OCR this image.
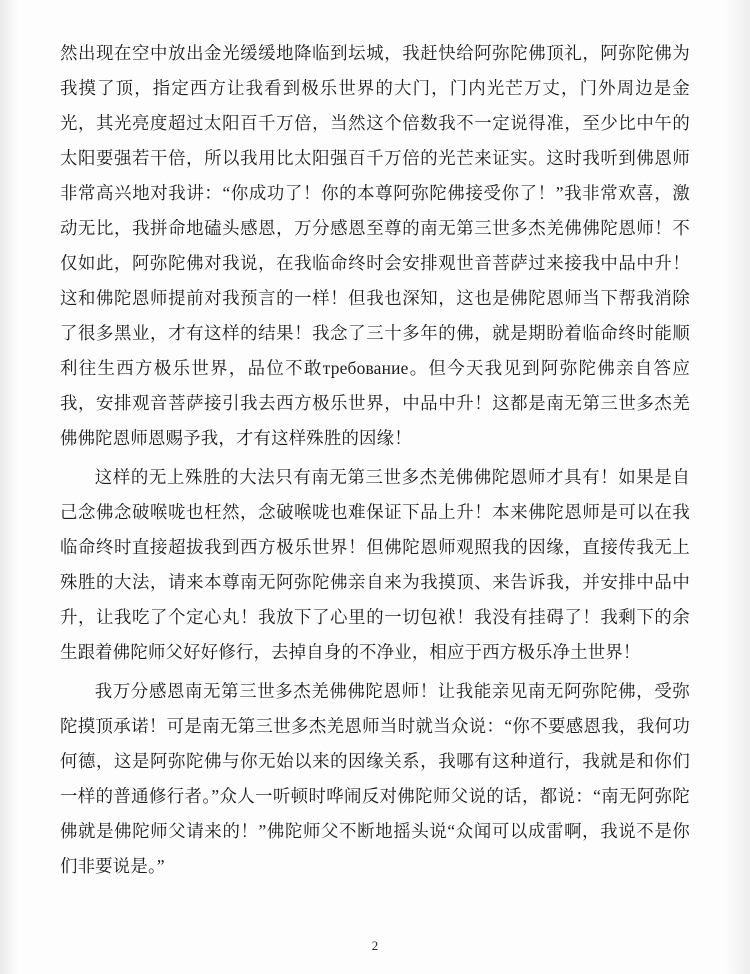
然出现在空中放出金光缓缓地降临到坛城，我赶快给阿弥陀佛顶礼，阿弥陀佛为我摸了顶，指定西方让我看到极乐世界的大门，门内光芒万丈，门外周边是金光，其光亮度超过太阳百千万倍，当然这个倍数我不一定说得准，至少比中午的太阳要强若干倍，所以我用比太阳强百千万倍的光芒来证实。这时我听到佛恩师非常高兴地对我讲：“你成功了！你的本尊阿弥陀佛接受你了！”我非常欢喜，激动无比，我拼命地磕头感恩，万分感恩至尊的南无第三世多杰羌佛佛陀恩师！不仅如此，阿弥陀佛对我说，在我临命终时会安排观世音菩萨过来接我中品中升！这和佛陀恩师提前对我预言的一样！但我也深知，这也是佛陀恩师当下帮我消除了很多黑业，才有这样的结果！我念了三十多年的佛，就是期盼着临命终时能顺利往生西方极乐世界，品位不敢требование。但今天我见到阿弥陀佛亲自答应我，安排观音菩萨接引我去西方极乐世界，中品中升！这都是南无第三世多杰羌佛佛陀恩师恩赐予我，才有这样殊胜的因缘！

这样的无上殊胜的大法只有南无第三世多杰羌佛佛陀恩师才具有！如果是自己念佛念破喉咙也枉然，念破喉咙也难保证下品上升！本来佛陀恩师是可以在我临命终时直接超拔我到西方极乐世界！但佛陀恩师观照我的因缘，直接传我无上殊胜的大法，请来本尊南无阿弥陀佛亲自来为我摸顶、来告诉我，并安排中品中升，让我吃了个定心丸！我放下了心里的一切包袱！我没有挂碍了！我剩下的余生跟着佛陀师父好好修行，去掉自身的不净业，相应于西方极乐净土世界！

我万分感恩南无第三世多杰羌佛佛陀恩师！让我能亲见南无阿弥陀佛，受弥陀摸顶承诺！可是南无第三世多杰羌恩师当时就当众说：“你不要感恩我，我何功何德，这是阿弥陀佛与你无始以来的因缘关系，我哪有这种道行，我就是和你们一样的普通修行者。”众人一听顿时哗闹反对佛陀师父说的话，都说：“南无阿弥陀佛就是佛陀师父请来的！”佛陀师父不断地摇头说“众闻可以成雷啊，我说不是你们非要说是。”

2
